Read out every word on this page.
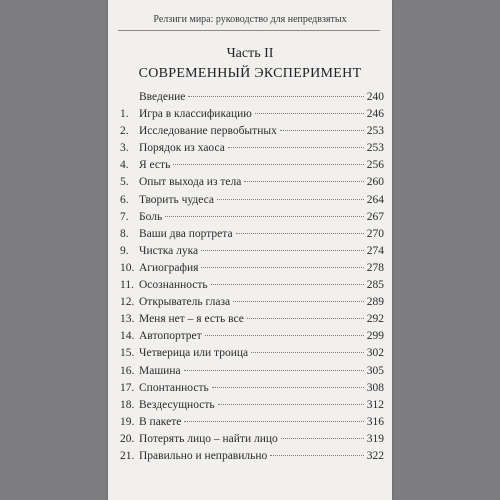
Релзиги мира: руководство для непредвзятых
Часть II
СОВРЕМЕННЫЙ ЭКСПЕРИМЕНТ
Введение	240
1. Игра в классификацию	246
2. Исследование первобытных	253
3. Порядок из хаоса	253
4. Я есть	256
5. Опыт выхода из тела	260
6. Творить чудеса	264
7. Боль	267
8. Ваши два портрета	270
9. Чистка лука	274
10. Агиография	278
11. Осознанность	285
12. Открыватель глаза	289
13. Меня нет – я есть все	292
14. Автопортрет	299
15. Четверица или троица	302
16. Машина	305
17. Спонтанность	308
18. Вездесущность	312
19. В пакете	316
20. Потерять лицо – найти лицо	319
21. Правильно и неправильно	322
